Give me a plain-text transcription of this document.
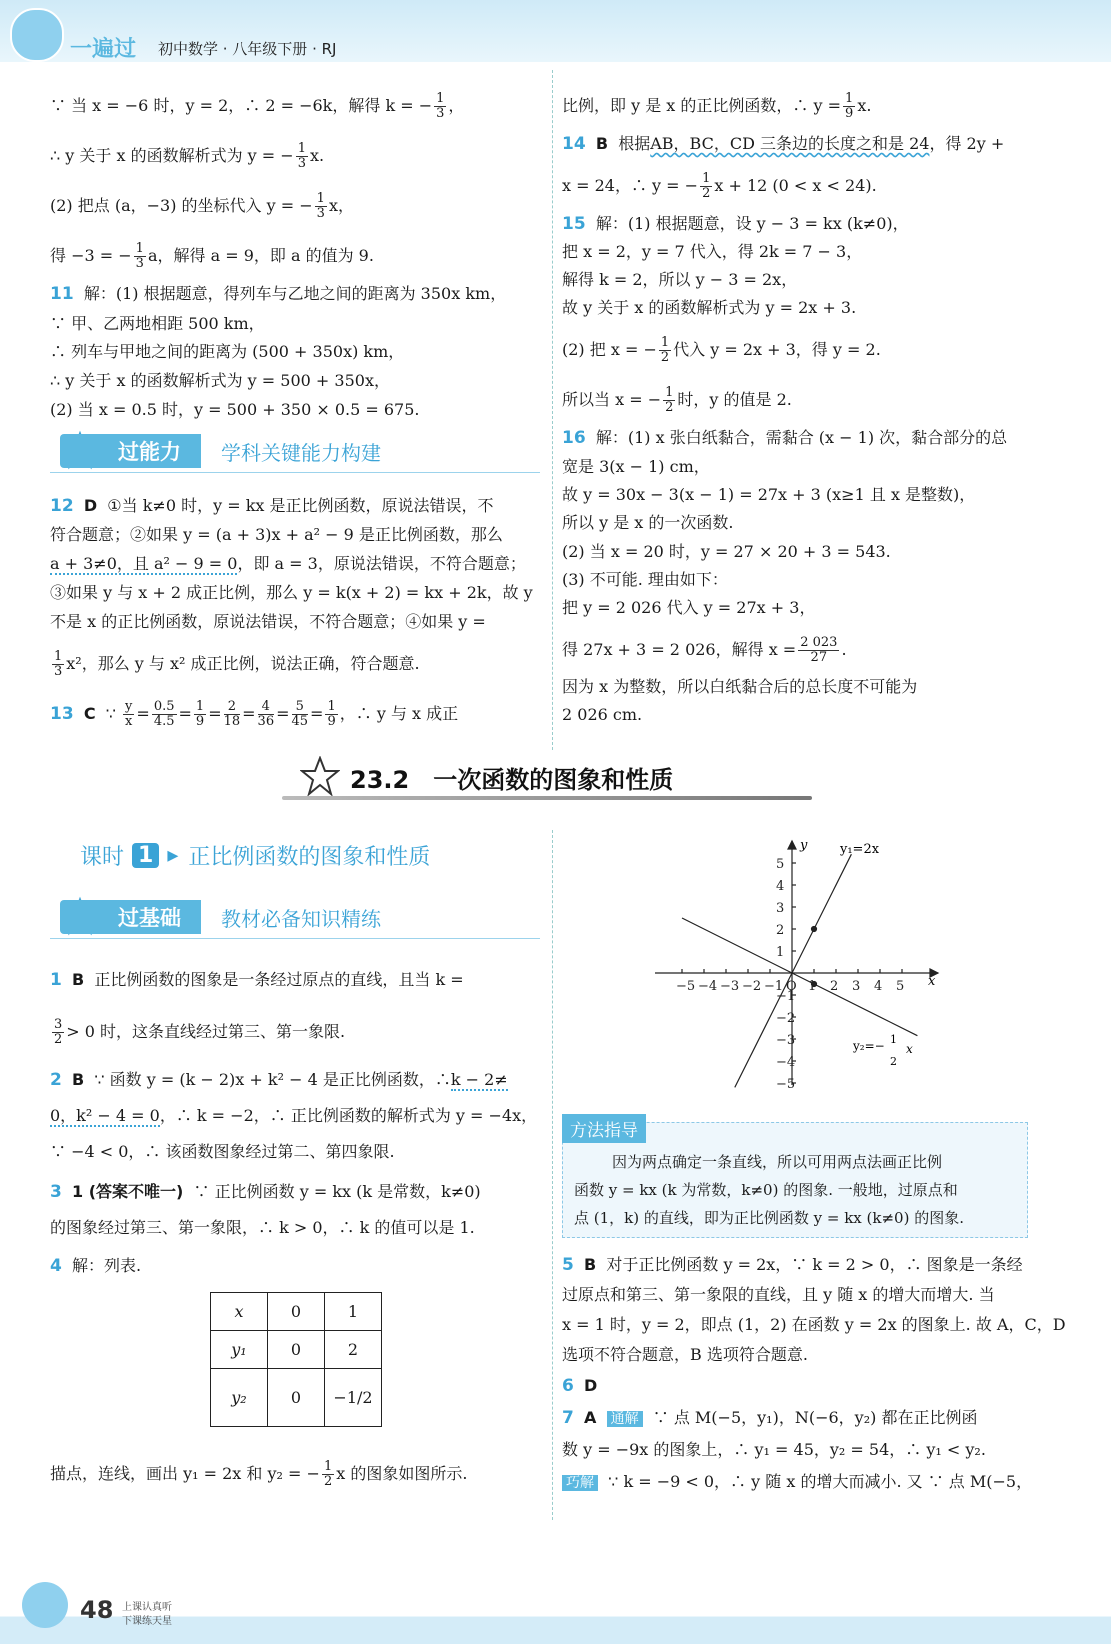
一遍过 初中数学 · 八年级下册 · RJ
∵ 当 x = −6 时，y = 2，∴ 2 = −6k，解得 k = − $\frac{1}{3}$ ，
∴ y 关于 x 的函数解析式为 y = − $\frac{1}{3} x$.
(2) 把点 (a，−3) 的坐标代入 y = − $\frac{1}{3}$ x，
得 −3 = − $\frac{1}{3}$ a，解得 a = 9，即 a 的值为 9.
11 解：(1) 根据题意，得列车与乙地之间的距离为 350x km，
∵ 甲、乙两地相距 500 km，
∴ 列车与甲地之间的距离为 (500 + 350x) km，
∴ y 关于 x 的函数解析式为 y = 500 + 350x，
(2) 当 x = 0.5 时，y = 500 + 350 × 0.5 = 675.
过能力	学科关键能力构建
12 D ①当 k≠0 时，y = kx 是正比例函数，原说法错误，不
符合题意；②如果 y = (a + 3)x + a² − 9 是正比例函数，那么
a + 3≠0，且 a² − 9 = 0，即 a = 3，原说法错误，不符合题意；
③如果 y 与 x + 2 成正比例，那么 y = k(x + 2) = kx + 2k，故 y
不是 x 的正比例函数，原说法错误，不符合题意；④如果 y =
$\frac{1}{3} x^2$，那么 y 与 x² 成正比例，说法正确，符合题意.
13 C ∵ $\frac{y}{x} = \frac{0.5}{4.5} = \frac{1}{9} = \frac{2}{18} = \frac{4}{36} = \frac{5}{45} = \frac{1}{9}$ ，∴ y 与 x 成正
比例，即 y 是 x 的正比例函数，∴ $y = \frac{1}{9} x$.
14 B 根据AB，BC，CD 三条边的长度之和是 24，得 2y +
x = 24，∴ y = − $\frac{1}{2}$ x + 12 (0 < x < 24).
15 解：(1) 根据题意，设 y − 3 = kx (k≠0)，
把 x = 2，y = 7 代入，得 2k = 7 − 3，
解得 k = 2，所以 y − 3 = 2x，
故 y 关于 x 的函数解析式为 y = 2x + 3.
(2) 把 x = − $\frac{1}{2}$ 代入 y = 2x + 3，得 y = 2.
所以当 x = − $\frac{1}{2}$ 时，y 的值是 2.
16 解：(1) x 张白纸黏合，需黏合 (x − 1) 次，黏合部分的总
宽是 3(x − 1) cm，
故 y = 30x − 3(x − 1) = 27x + 3 (x≥1 且 x 是整数)，
所以 y 是 x 的一次函数.
(2) 当 x = 20 时，y = 27 × 20 + 3 = 543.
(3) 不可能. 理由如下：
把 y = 2 026 代入 y = 27x + 3，
得 27x + 3 = 2 026，解得 $x = \frac{2 023}{27}$ .
因为 x 为整数，所以白纸黏合后的总长度不可能为
2 026 cm.
23.2　一次函数的图象和性质
课时 1 ▸ 正比例函数的图象和性质
过基础	教材必备知识精练
1 B 正比例函数的图象是一条经过原点的直线，且当 k =
$\frac{3}{2} > 0$ 时，这条直线经过第三、第一象限.
2 B ∵ 函数 y = (k − 2)x + k² − 4 是正比例函数，∴k − 2≠
0，k² − 4 = 0，∴ k = −2，∴ 正比例函数的解析式为 y = −4x，
∵ −4 < 0，∴ 该函数图象经过第二、第四象限.
3 1 (答案不唯一) ∵ 正比例函数 y = kx (k 是常数，k≠0)
的图象经过第三、第一象限，∴ k > 0，∴ k 的值可以是 1.
4 解：列表.
x	0	1
y₁	0	2
y₂	0	−1/2
描点，连线，画出 y₁ = 2x 和 y₂ = − $\frac{1}{2}$ x 的图象如图所示.
y
x
y₁=2x
y₂=− 1
2
x
−5 −4 −3 −2 −1 O 1 2 3 4 5
5
4
3
2
1
−1
−2
−3
−4
−5
方法指导
因为两点确定一条直线，所以可用两点法画正比例
函数 y = kx (k 为常数，k≠0) 的图象. 一般地，过原点和
点 (1，k) 的直线，即为正比例函数 y = kx (k≠0) 的图象.
5 B 对于正比例函数 y = 2x，∵ k = 2 > 0，∴ 图象是一条经
过原点和第三、第一象限的直线，且 y 随 x 的增大而增大. 当
x = 1 时，y = 2，即点 (1，2) 在函数 y = 2x 的图象上. 故 A，C，D
选项不符合题意，B 选项符合题意.
6 D
7 A 通解 ∵ 点 M(−5，y₁)，N(−6，y₂) 都在正比例函
数 y = −9x 的图象上，∴ y₁ = 45，y₂ = 54，∴ y₁ < y₂.
巧解 ∵ k = −9 < 0，∴ y 随 x 的增大而减小. 又 ∵ 点 M(−5，
48 上课认真听
下课练天星
